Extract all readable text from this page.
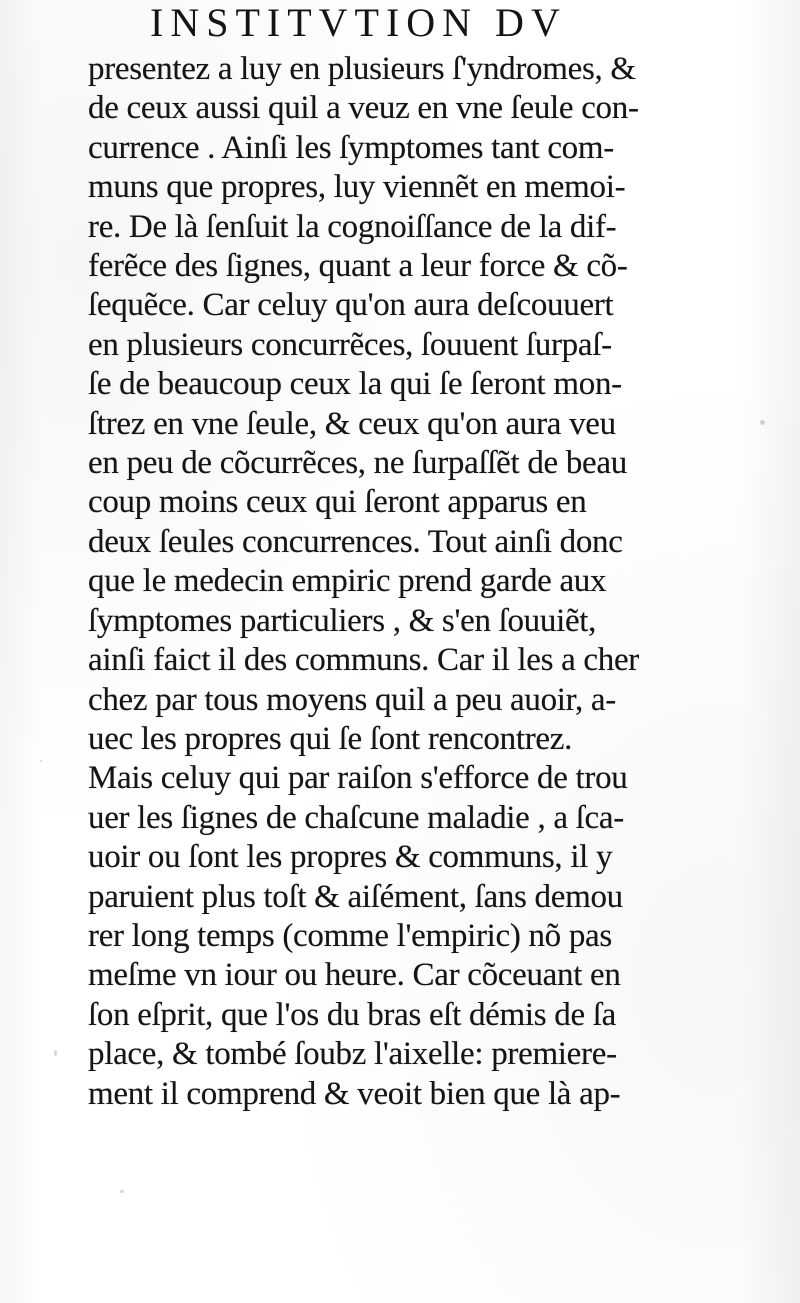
INSTITVTION DV
presentez a luy en plusieurs ſ'yndromes, &
de ceux aussi quil a veuz en vne ſeule con-
currence . Ainſi les ſymptomes tant com-
muns que propres, luy viennẽt en memoi-
re. De là ſenſuit la cognoiſſance de la dif-
ferẽce des ſignes, quant a leur force & cõ-
ſequẽce. Car celuy qu'on aura deſcouuert
en plusieurs concurrẽces, ſouuent ſurpaſ-
ſe de beaucoup ceux la qui ſe ſeront mon-
ſtrez en vne ſeule, & ceux qu'on aura veu
en peu de cõcurrẽces, ne ſurpaſſẽt de beau
coup moins ceux qui ſeront apparus en
deux ſeules concurrences. Tout ainſi donc
que le medecin empiric prend garde aux
ſymptomes particuliers , & s'en ſouuiẽt,
ainſi faict il des communs. Car il les a cher
chez par tous moyens quil a peu auoir, a-
uec les propres qui ſe ſont rencontrez.
Mais celuy qui par raiſon s'efforce de trou
uer les ſignes de chaſcune maladie , a ſca-
uoir ou ſont les propres & communs, il y
paruient plus toſt & aiſément, ſans demou
rer long temps (comme l'empiric) nõ pas
meſme vn iour ou heure. Car cõceuant en
ſon eſprit, que l'os du bras eſt démis de ſa
place, & tombé ſoubz l'aixelle: premiere-
ment il comprend & veoit bien que là ap-
